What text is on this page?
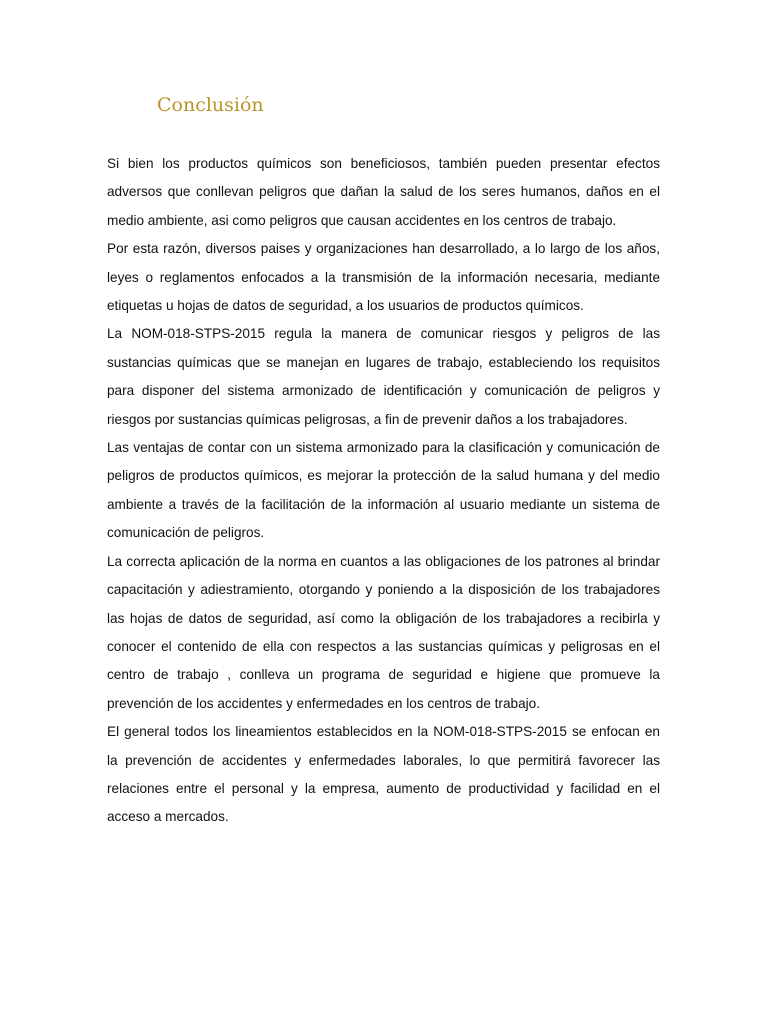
Conclusión

Si bien los productos químicos son beneficiosos, también pueden presentar efectos adversos que conllevan peligros que dañan la salud de los seres humanos, daños en el medio ambiente, asi como peligros que causan accidentes en los centros de trabajo.

Por esta razón, diversos paises y organizaciones han desarrollado, a lo largo de los años, leyes o reglamentos enfocados a la transmisión de la información necesaria, mediante etiquetas u hojas de datos de seguridad, a los usuarios de productos químicos.

La NOM-018-STPS-2015 regula la manera de comunicar riesgos y peligros de las sustancias químicas que se manejan en lugares de trabajo, estableciendo los requisitos para disponer del sistema armonizado de identificación y comunicación de peligros y riesgos por sustancias químicas peligrosas, a fin de prevenir daños a los trabajadores.

Las ventajas de contar con un sistema armonizado para la clasificación y comunicación de peligros de productos químicos, es mejorar la protección de la salud humana y del medio ambiente a través de la facilitación de la información al usuario mediante un sistema de comunicación de peligros.

La correcta aplicación de la norma en cuantos a las obligaciones de los patrones al brindar capacitación y adiestramiento, otorgando y poniendo a la disposición de los trabajadores las hojas de datos de seguridad, así como la obligación de los trabajadores a recibirla y conocer el contenido de ella con respectos a las sustancias químicas y peligrosas en el centro de trabajo , conlleva un programa de seguridad e higiene que promueve la prevención de los accidentes y enfermedades en los centros de trabajo.

El general todos los lineamientos establecidos en la NOM-018-STPS-2015 se enfocan en la prevención de accidentes y enfermedades laborales, lo que permitirá favorecer las relaciones entre el personal y la empresa, aumento de productividad y facilidad en el acceso a mercados.
